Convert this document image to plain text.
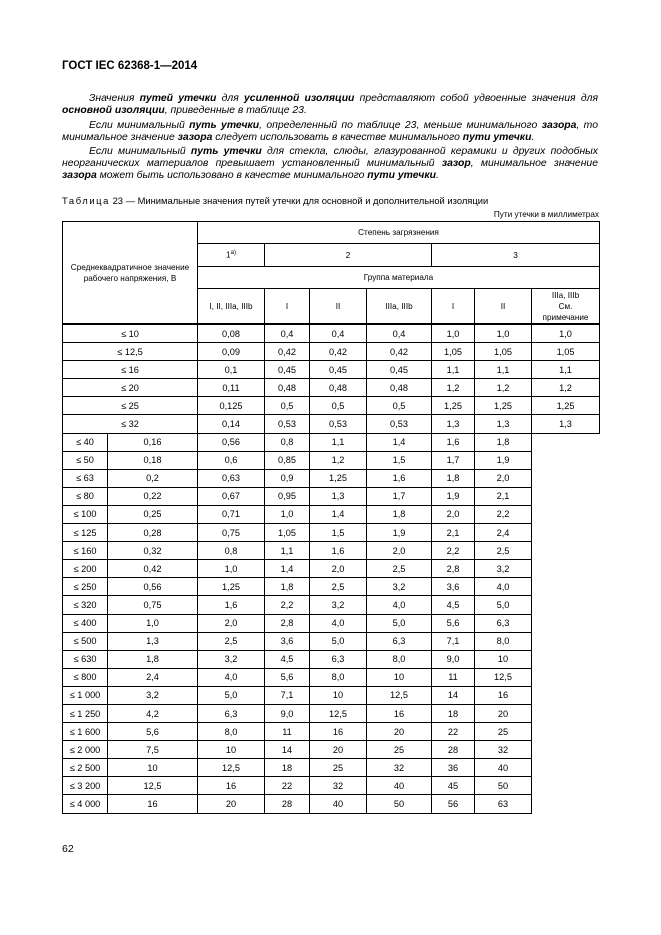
ГОСТ IEC 62368-1—2014
Значения путей утечки для усиленной изоляции представляют собой удвоенные значения для основной изоляции, приведенные в таблице 23.
Если минимальный путь утечки, определенный по таблице 23, меньше минимального зазора, то минимальное значение зазора следует использовать в качестве минимального пути утечки.
Если минимальный путь утечки для стекла, слюды, глазурованной керамики и других подобных неорганических материалов превышает установленный минимальный зазор, минимальное значение зазора может быть использовано в качестве минимального пути утечки.
Таблица 23 — Минимальные значения путей утечки для основной и дополнительной изоляции
Пути утечки в миллиметрах
Среднеквадратичное значение рабочего напряжения, В		Степень загрязнения						
		1$^{a)}$	2			3		
		Группа материала						
		I, II, IIIa, IIIb	I	II	IIIa, IIIb	I	II	IIIa, IIIb
См.
примечание
≤ 10		0,08	0,4	0,4	0,4	1,0	1,0	1,0
≤ 12,5		0,09	0,42	0,42	0,42	1,05	1,05	1,05
≤ 16		0,1	0,45	0,45	0,45	1,1	1,1	1,1
≤ 20		0,11	0,48	0,48	0,48	1,2	1,2	1,2
≤ 25		0,125	0,5	0,5	0,5	1,25	1,25	1,25
≤ 32		0,14	0,53	0,53	0,53	1,3	1,3	1,3
≤ 40	0,16	0,56	0,8	1,1	1,4	1,6	1,8	
≤ 50	0,18	0,6	0,85	1,2	1,5	1,7	1,9	
≤ 63	0,2	0,63	0,9	1,25	1,6	1,8	2,0	
≤ 80	0,22	0,67	0,95	1,3	1,7	1,9	2,1	
≤ 100	0,25	0,71	1,0	1,4	1,8	2,0	2,2	
≤ 125	0,28	0,75	1,05	1,5	1,9	2,1	2,4	
≤ 160	0,32	0,8	1,1	1,6	2,0	2,2	2,5	
≤ 200	0,42	1,0	1,4	2,0	2,5	2,8	3,2	
≤ 250	0,56	1,25	1,8	2,5	3,2	3,6	4,0	
≤ 320	0,75	1,6	2,2	3,2	4,0	4,5	5,0	
≤ 400	1,0	2,0	2,8	4,0	5,0	5,6	6,3	
≤ 500	1,3	2,5	3,6	5,0	6,3	7,1	8,0	
≤ 630	1,8	3,2	4,5	6,3	8,0	9,0	10	
≤ 800	2,4	4,0	5,6	8,0	10	11	12,5	
≤ 1 000	3,2	5,0	7,1	10	12,5	14	16	
≤ 1 250	4,2	6,3	9,0	12,5	16	18	20	
≤ 1 600	5,6	8,0	11	16	20	22	25	
≤ 2 000	7,5	10	14	20	25	28	32	
≤ 2 500	10	12,5	18	25	32	36	40	
≤ 3 200	12,5	16	22	32	40	45	50	
≤ 4 000	16	20	28	40	50	56	63	
62
